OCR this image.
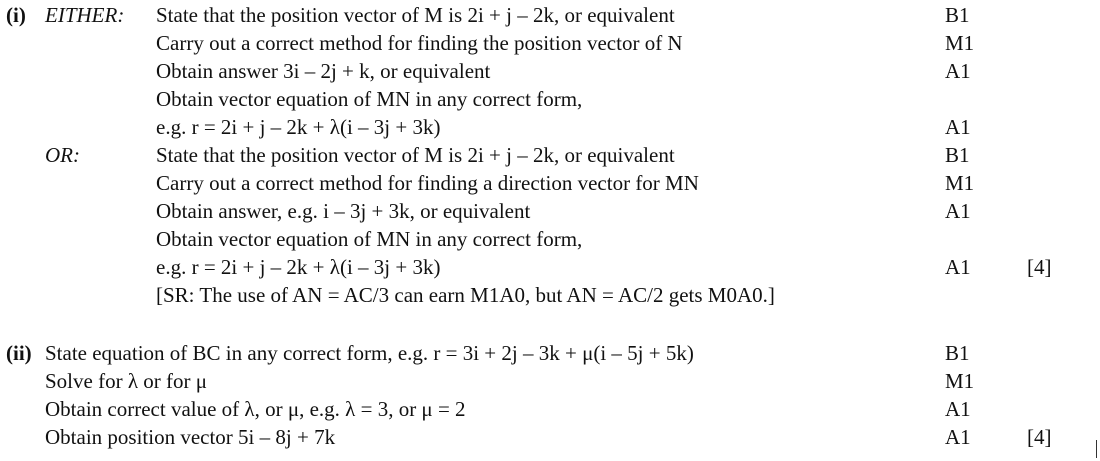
(i) EITHER: State that the position vector of M is 2i + j – 2k, or equivalent	B1
Carry out a correct method for finding the position vector of N	M1
Obtain answer 3i – 2j + k, or equivalent	A1
Obtain vector equation of MN in any correct form,
e.g. r = 2i + j – 2k + λ(i – 3j + 3k)	A1
OR:	State that the position vector of M is 2i + j – 2k, or equivalent	B1
Carry out a correct method for finding a direction vector for MN	M1
Obtain answer, e.g. i – 3j + 3k, or equivalent	A1
Obtain vector equation of MN in any correct form,
e.g. r = 2i + j – 2k + λ(i – 3j + 3k)	A1	[4]
[SR: The use of AN = AC/3 can earn M1A0, but AN = AC/2 gets M0A0.]
(ii) State equation of BC in any correct form, e.g. r = 3i + 2j – 3k + μ(i – 5j + 5k)	B1
Solve for λ or for μ	M1
Obtain correct value of λ, or μ, e.g. λ = 3, or μ = 2	A1
Obtain position vector 5i – 8j + 7k	A1	[4]
